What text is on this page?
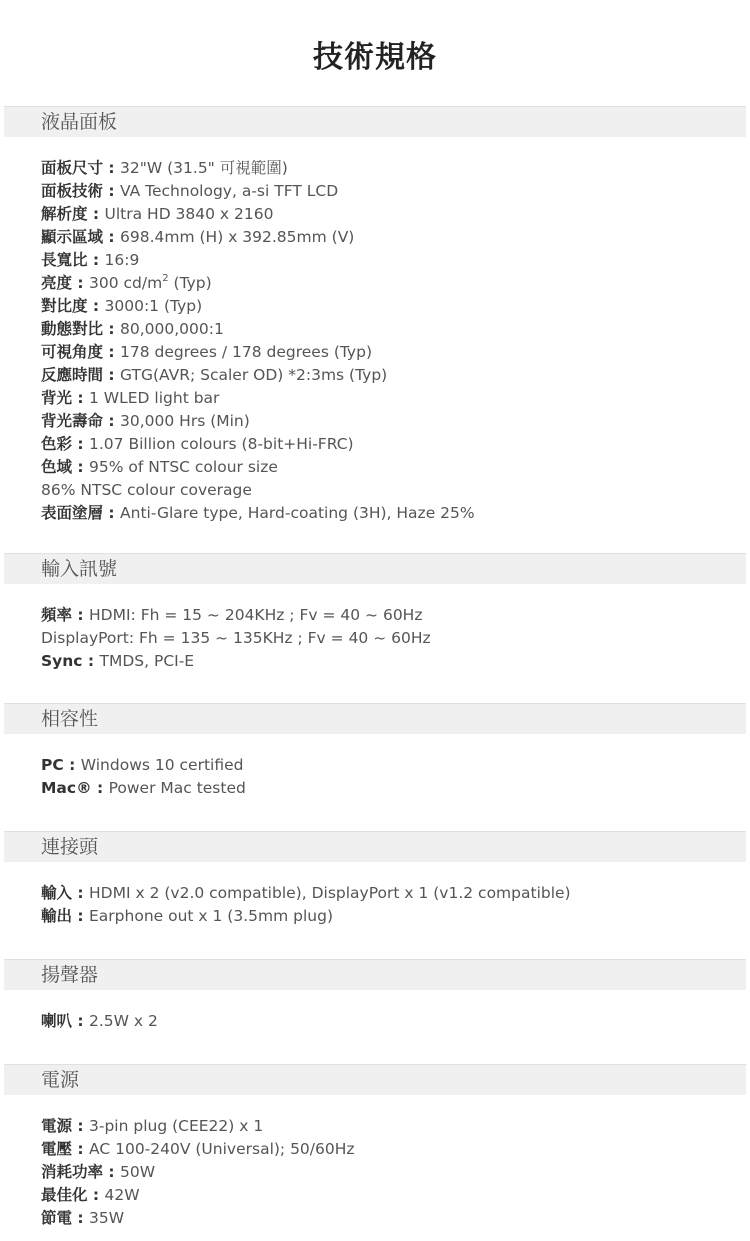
技術規格
液晶面板
面板尺寸 : 32"W (31.5" 可視範圍)
面板技術 : VA Technology, a-si TFT LCD
解析度 : Ultra HD 3840 x 2160
顯示區域 : 698.4mm (H) x 392.85mm (V)
長寬比 : 16:9
亮度 : 300 $cd/m^2$ (Typ)
對比度 : 3000:1 (Typ)
動態對比 : 80,000,000:1
可視角度 : 178 degrees / 178 degrees (Typ)
反應時間 : GTG(AVR; Scaler OD) *2:3ms (Typ)
背光 : 1 WLED light bar
背光壽命 : 30,000 Hrs (Min)
色彩 : 1.07 Billion colours (8-bit+Hi-FRC)
色域 : 95% of NTSC colour size
86% NTSC colour coverage
表面塗層 : Anti-Glare type, Hard-coating (3H), Haze 25%
輸入訊號
頻率 : HDMI: Fh = 15 ~ 204KHz ; Fv = 40 ~ 60Hz
DisplayPort: Fh = 135 ~ 135KHz ; Fv = 40 ~ 60Hz
Sync : TMDS, PCI-E
相容性
PC : Windows 10 certified
Mac® : Power Mac tested
連接頭
輸入 : HDMI x 2 (v2.0 compatible), DisplayPort x 1 (v1.2 compatible)
輸出 : Earphone out x 1 (3.5mm plug)
揚聲器
喇叭 : 2.5W x 2
電源
電源 : 3-pin plug (CEE22) x 1
電壓 : AC 100-240V (Universal); 50/60Hz
消耗功率 : 50W
最佳化 : 42W
節電 : 35W
